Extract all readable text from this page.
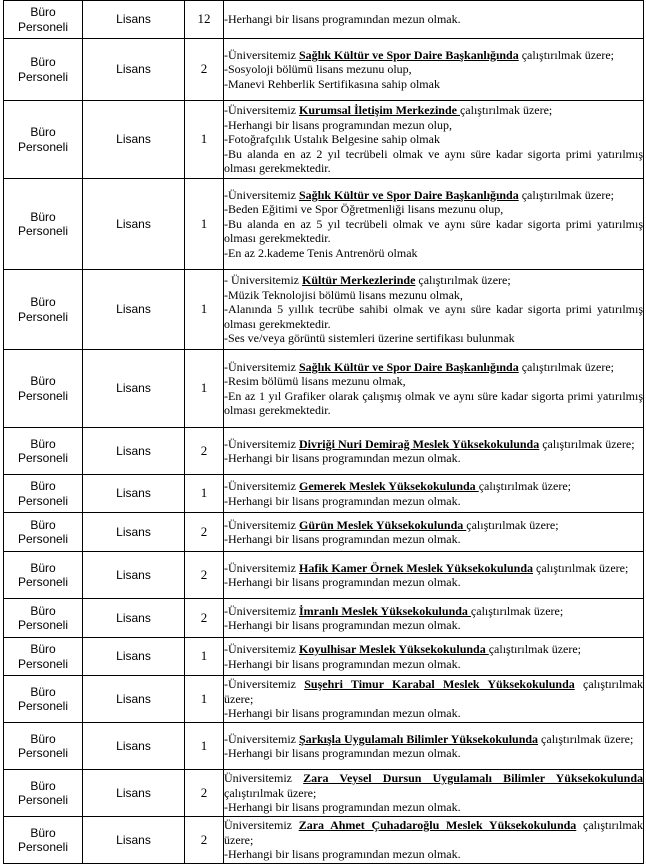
Büro Personeli	Lisans	12	-Herhangi bir lisans programından mezun olmak.

Büro Personeli	Lisans	2	-Üniversitemiz Sağlık Kültür ve Spor Daire Başkanlığında çalıştırılmak üzere;
-Sosyoloji bölümü lisans mezunu olup,
-Manevi Rehberlik Sertifikasına sahip olmak

Büro Personeli	Lisans	1	-Üniversitemiz Kurumsal İletişim Merkezinde çalıştırılmak üzere;
-Herhangi bir lisans programından mezun olup,
-Fotoğrafçılık Ustalık Belgesine sahip olmak
-Bu alanda en az 2 yıl tecrübeli olmak ve aynı süre kadar sigorta primi yatırılmış olması gerekmektedir.

Büro Personeli	Lisans	1	-Üniversitemiz Sağlık Kültür ve Spor Daire Başkanlığında çalıştırılmak üzere;
-Beden Eğitimi ve Spor Öğretmenliği lisans mezunu olup,
-Bu alanda en az 5 yıl tecrübeli olmak ve aynı süre kadar sigorta primi yatırılmış olması gerekmektedir.
-En az 2.kademe Tenis Antrenörü olmak

Büro Personeli	Lisans	1	- Üniversitemiz Kültür Merkezlerinde çalıştırılmak üzere;
-Müzik Teknolojisi bölümü lisans mezunu olmak,
-Alanında 5 yıllık tecrübe sahibi olmak ve aynı süre kadar sigorta primi yatırılmış olması gerekmektedir.
-Ses ve/veya görüntü sistemleri üzerine sertifikası bulunmak

Büro Personeli	Lisans	1	-Üniversitemiz Sağlık Kültür ve Spor Daire Başkanlığında çalıştırılmak üzere;
-Resim bölümü lisans mezunu olmak,
-En az 1 yıl Grafiker olarak çalışmış olmak ve aynı süre kadar sigorta primi yatırılmış olması gerekmektedir.

Büro Personeli	Lisans	2	-Üniversitemiz Divriği Nuri Demirağ Meslek Yüksekokulunda çalıştırılmak üzere;
-Herhangi bir lisans programından mezun olmak.

Büro Personeli	Lisans	1	-Üniversitemiz Gemerek Meslek Yüksekokulunda çalıştırılmak üzere;
-Herhangi bir lisans programından mezun olmak.

Büro Personeli	Lisans	2	-Üniversitemiz Gürün Meslek Yüksekokulunda çalıştırılmak üzere;
-Herhangi bir lisans programından mezun olmak.

Büro Personeli	Lisans	2	-Üniversitemiz Hafik Kamer Örnek Meslek Yüksekokulunda çalıştırılmak üzere;
-Herhangi bir lisans programından mezun olmak.

Büro Personeli	Lisans	2	-Üniversitemiz İmranlı Meslek Yüksekokulunda çalıştırılmak üzere;
-Herhangi bir lisans programından mezun olmak.

Büro Personeli	Lisans	1	-Üniversitemiz Koyulhisar Meslek Yüksekokulunda çalıştırılmak üzere;
-Herhangi bir lisans programından mezun olmak.

Büro Personeli	Lisans	1	-Üniversitemiz Suşehri Timur Karabal Meslek Yüksekokulunda çalıştırılmak üzere;
-Herhangi bir lisans programından mezun olmak.

Büro Personeli	Lisans	1	-Üniversitemiz Şarkışla Uygulamalı Bilimler Yüksekokulunda çalıştırılmak üzere;
-Herhangi bir lisans programından mezun olmak.

Büro Personeli	Lisans	2	Üniversitemiz Zara Veysel Dursun Uygulamalı Bilimler Yüksekokulunda çalıştırılmak üzere;
-Herhangi bir lisans programından mezun olmak.

Büro Personeli	Lisans	2	Üniversitemiz Zara Ahmet Çuhadaroğlu Meslek Yüksekokulunda çalıştırılmak üzere;
-Herhangi bir lisans programından mezun olmak.
